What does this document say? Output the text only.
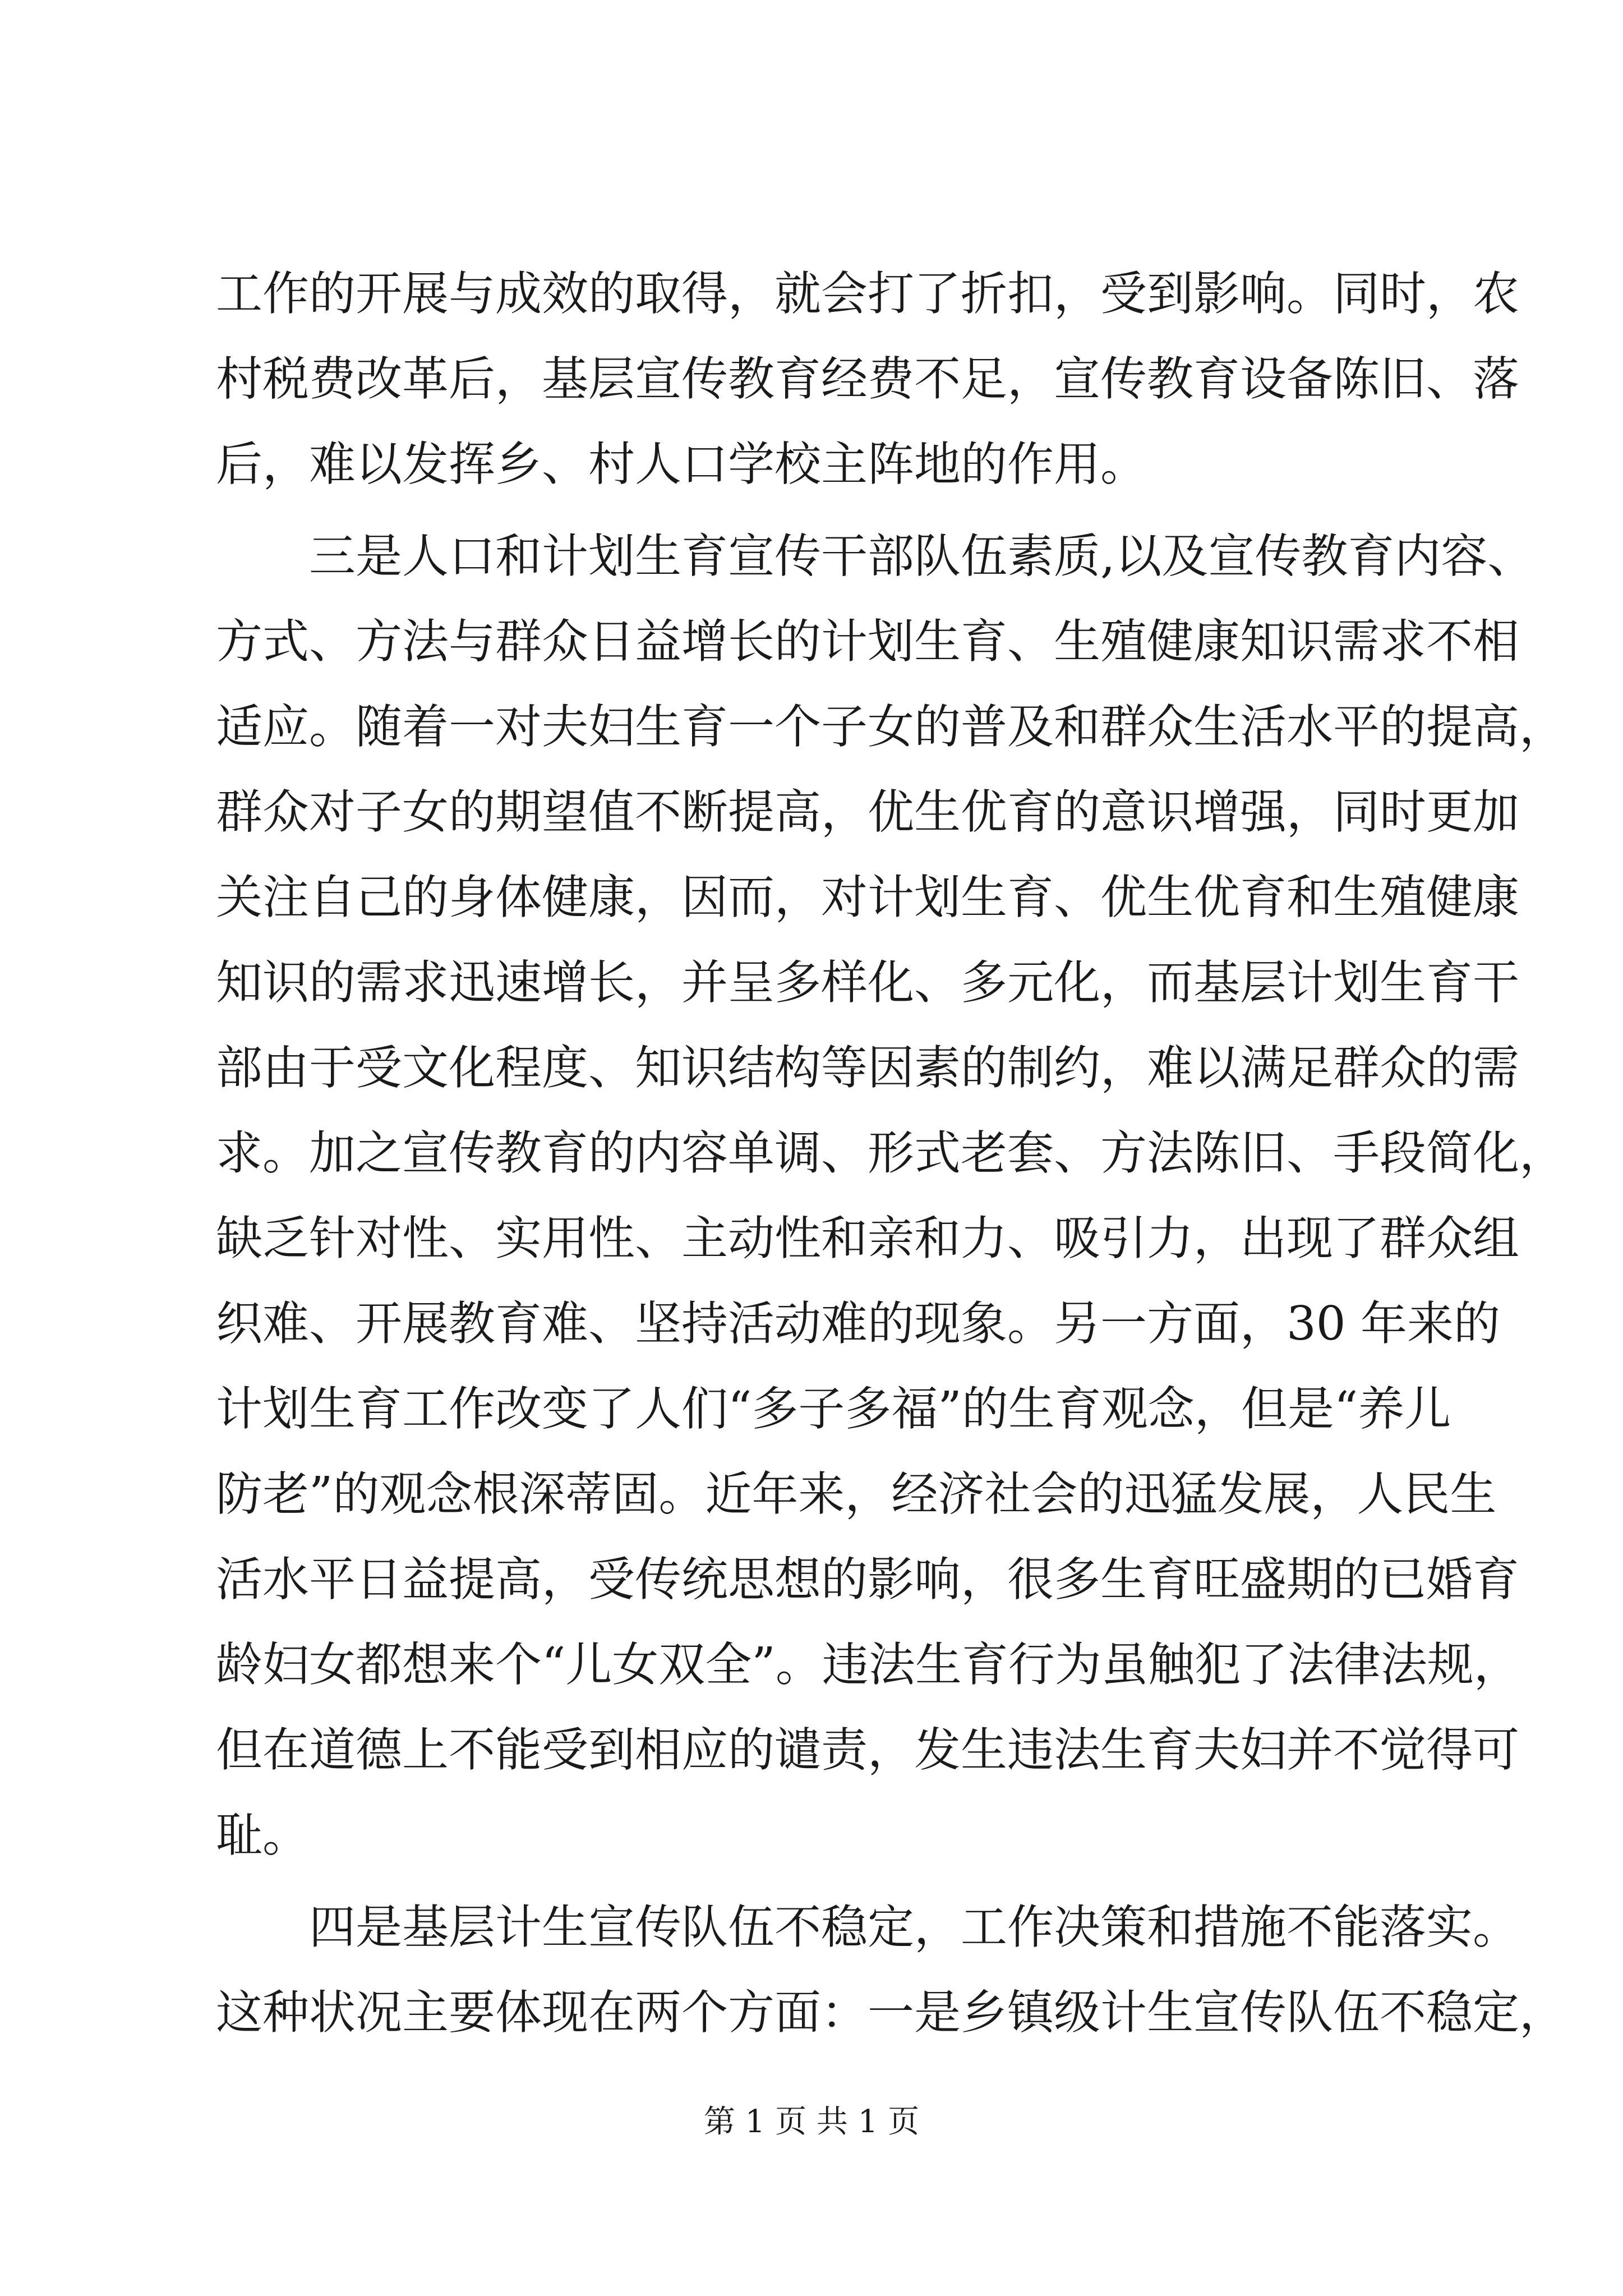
工作的开展与成效的取得，就会打了折扣，受到影响。同时，农
村税费改革后，基层宣传教育经费不足，宣传教育设备陈旧、落
后，难以发挥乡、村人口学校主阵地的作用。
　　三是人口和计划生育宣传干部队伍素质,以及宣传教育内容、
方式、方法与群众日益增长的计划生育、生殖健康知识需求不相
适应。随着一对夫妇生育一个子女的普及和群众生活水平的提高，
群众对子女的期望值不断提高，优生优育的意识增强，同时更加
关注自己的身体健康，因而，对计划生育、优生优育和生殖健康
知识的需求迅速增长，并呈多样化、多元化，而基层计划生育干
部由于受文化程度、知识结构等因素的制约，难以满足群众的需
求。加之宣传教育的内容单调、形式老套、方法陈旧、手段简化，
缺乏针对性、实用性、主动性和亲和力、吸引力，出现了群众组
织难、开展教育难、坚持活动难的现象。另一方面，30 年来的
计划生育工作改变了人们“多子多福”的生育观念，但是“养儿
防老”的观念根深蒂固。近年来，经济社会的迅猛发展，人民生
活水平日益提高，受传统思想的影响，很多生育旺盛期的已婚育
龄妇女都想来个“儿女双全”。违法生育行为虽触犯了法律法规，
但在道德上不能受到相应的谴责，发生违法生育夫妇并不觉得可
耻。
　　四是基层计生宣传队伍不稳定，工作决策和措施不能落实。
这种状况主要体现在两个方面：一是乡镇级计生宣传队伍不稳定，
第 1 页 共 1 页
